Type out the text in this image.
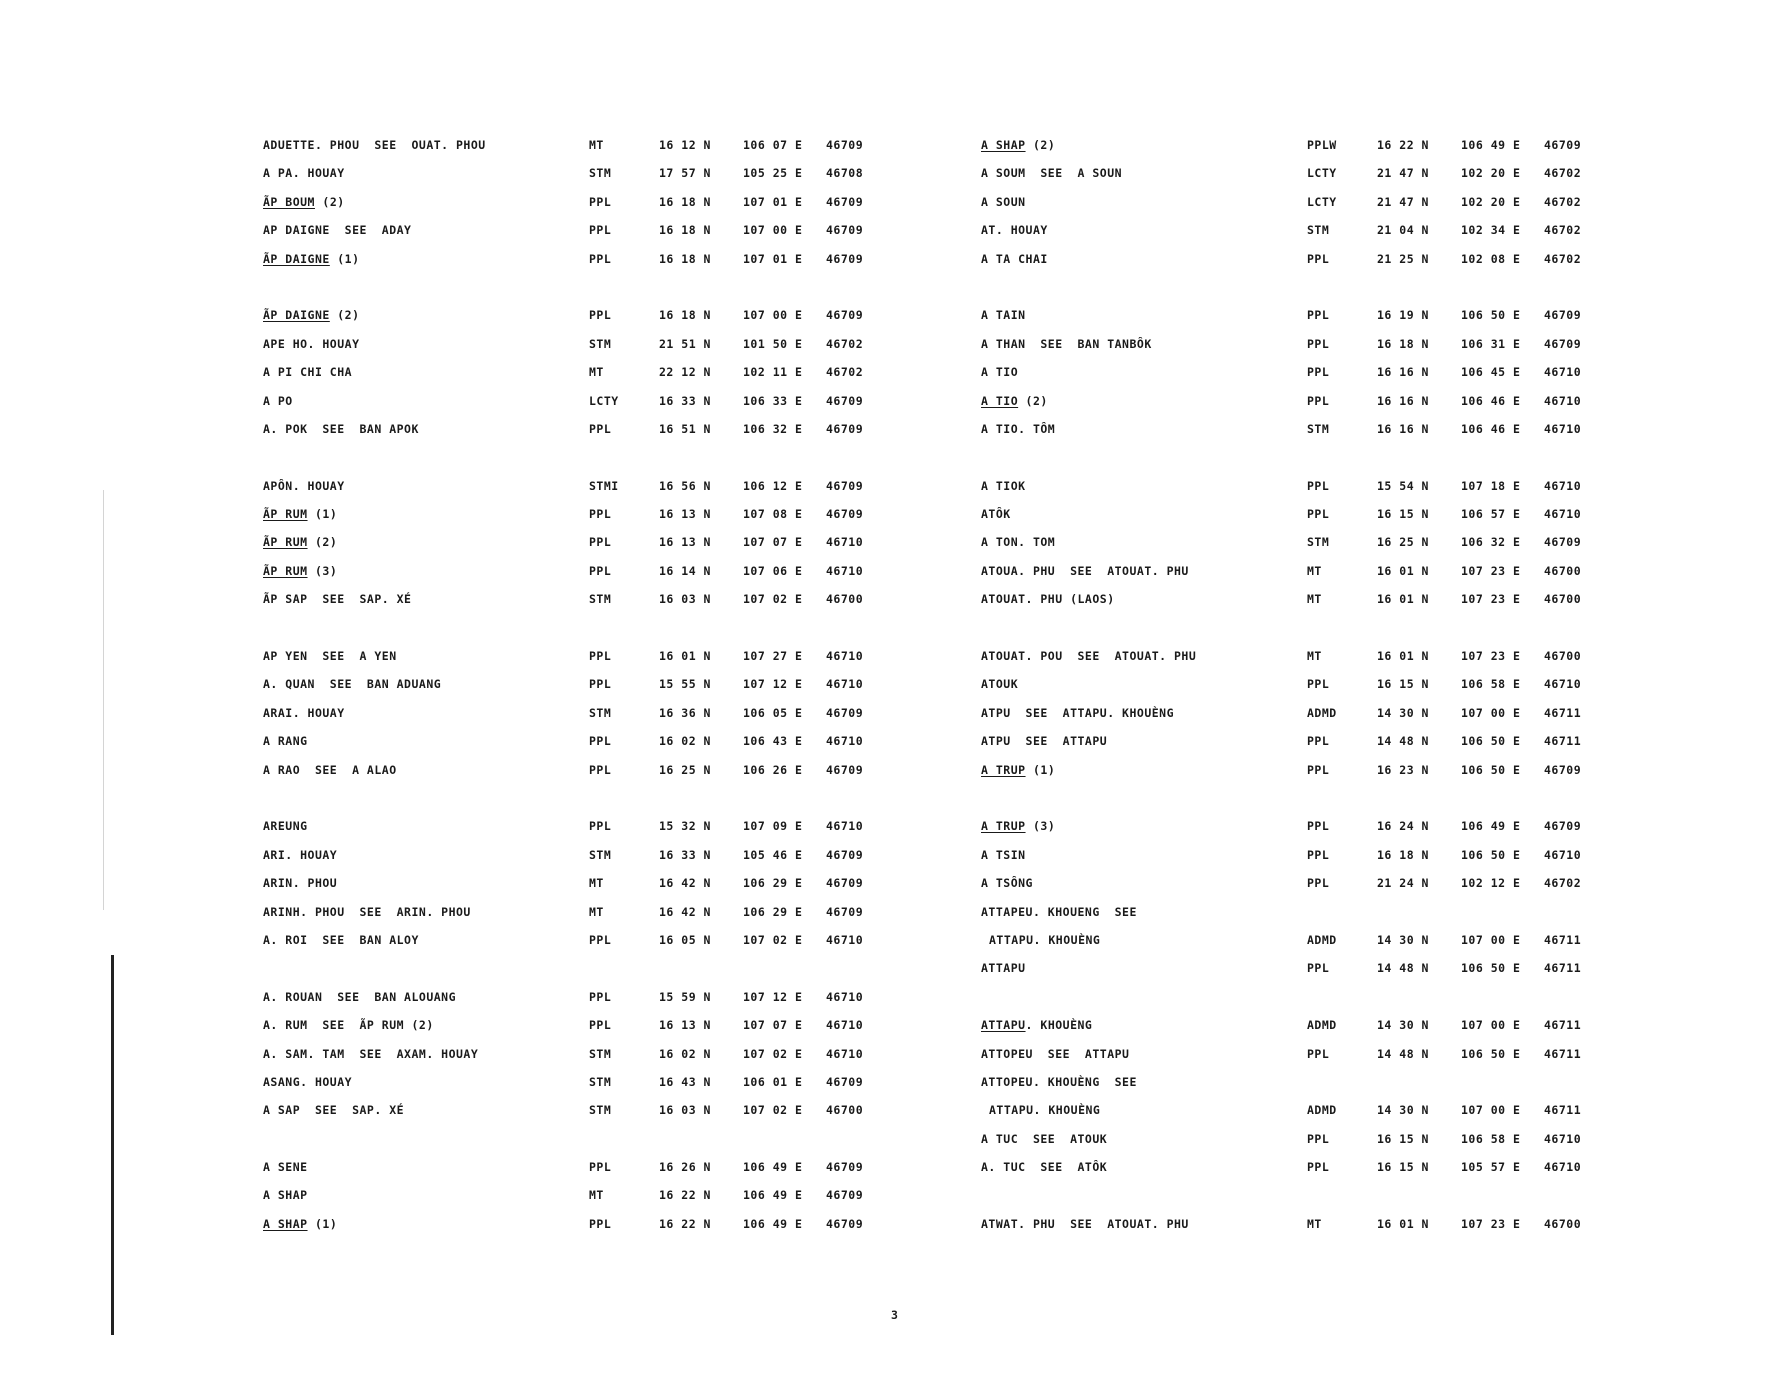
ADUETTE. PHOU  SEE  OUAT. PHOU	MT	16 12 N	106 07 E 46709
A PA. HOUAY	STM	17 57 N	105 25 E 46708
ÃP BOUM (2)	PPL	16 18 N	107 01 E 46709
AP DAIGNE  SEE  ADAY	PPL	16 18 N	107 00 E 46709
ÃP DAIGNE (1)	PPL	16 18 N	107 01 E 46709
ÃP DAIGNE (2)	PPL	16 18 N	107 00 E 46709
APE HO. HOUAY	STM	21 51 N	101 50 E 46702
A PI CHI CHA	MT	22 12 N	102 11 E 46702
A PO	LCTY	16 33 N	106 33 E 46709
A. POK  SEE  BAN APOK	PPL	16 51 N	106 32 E 46709
APÔN. HOUAY	STMI	16 56 N	106 12 E 46709
ÃP RUM (1)	PPL	16 13 N	107 08 E 46709
ÃP RUM (2)	PPL	16 13 N	107 07 E 46710
ÃP RUM (3)	PPL	16 14 N	107 06 E 46710
ÃP SAP  SEE  SAP. XÉ	STM	16 03 N	107 02 E 46700
AP YEN  SEE  A YEN	PPL	16 01 N	107 27 E 46710
A. QUAN  SEE  BAN ADUANG	PPL	15 55 N	107 12 E 46710
ARAI. HOUAY	STM	16 36 N	106 05 E 46709
A RANG	PPL	16 02 N	106 43 E 46710
A RAO  SEE  A ALAO	PPL	16 25 N	106 26 E 46709
AREUNG	PPL	15 32 N	107 09 E 46710
ARI. HOUAY	STM	16 33 N	105 46 E 46709
ARIN. PHOU	MT	16 42 N	106 29 E 46709
ARINH. PHOU  SEE  ARIN. PHOU	MT	16 42 N	106 29 E 46709
A. ROI  SEE  BAN ALOY	PPL	16 05 N	107 02 E 46710
A. ROUAN  SEE  BAN ALOUANG	PPL	15 59 N	107 12 E 46710
A. RUM  SEE  ÃP RUM (2)	PPL	16 13 N	107 07 E 46710
A. SAM. TAM  SEE  AXAM. HOUAY	STM	16 02 N	107 02 E 46710
ASANG. HOUAY	STM	16 43 N	106 01 E 46709
A SAP  SEE  SAP. XÉ	STM	16 03 N	107 02 E 46700
A SENE	PPL	16 26 N	106 49 E 46709
A SHAP	MT	16 22 N	106 49 E 46709
A SHAP (1)	PPL	16 22 N	106 49 E 46709
A SHAP (2)	PPLW	16 22 N	106 49 E 46709
A SOUM  SEE  A SOUN	LCTY	21 47 N	102 20 E 46702
A SOUN	LCTY	21 47 N	102 20 E 46702
AT. HOUAY	STM	21 04 N	102 34 E 46702
A TA CHAI	PPL	21 25 N	102 08 E 46702
A TAIN	PPL	16 19 N	106 50 E 46709
A THAN  SEE  BAN TANBÔK	PPL	16 18 N	106 31 E 46709
A TIO	PPL	16 16 N	106 45 E 46710
A TIO (2)	PPL	16 16 N	106 46 E 46710
A TIO. TÔM	STM	16 16 N	106 46 E 46710
A TIOK	PPL	15 54 N	107 18 E 46710
ATÔK	PPL	16 15 N	106 57 E 46710
A TON. TOM	STM	16 25 N	106 32 E 46709
ATOUA. PHU  SEE  ATOUAT. PHU	MT	16 01 N	107 23 E 46700
ATOUAT. PHU (LAOS)	MT	16 01 N	107 23 E 46700
ATOUAT. POU  SEE  ATOUAT. PHU	MT	16 01 N	107 23 E 46700
ATOUK	PPL	16 15 N	106 58 E 46710
ATPU  SEE  ATTAPU. KHOUÈNG	ADMD	14 30 N	107 00 E 46711
ATPU  SEE  ATTAPU	PPL	14 48 N	106 50 E 46711
A TRUP (1)	PPL	16 23 N	106 50 E 46709
A TRUP (3)	PPL	16 24 N	106 49 E 46709
A TSIN	PPL	16 18 N	106 50 E 46710
A TSÔNG	PPL	21 24 N	102 12 E 46702
ATTAPEU. KHOUENG  SEE
ATTAPU. KHOUÈNG	ADMD	14 30 N	107 00 E 46711
ATTAPU	PPL	14 48 N	106 50 E 46711
ATTAPU. KHOUÈNG	ADMD	14 30 N	107 00 E 46711
ATTOPEU  SEE  ATTAPU	PPL	14 48 N	106 50 E 46711
ATTOPEU. KHOUÈNG  SEE
ATTAPU. KHOUÈNG	ADMD	14 30 N	107 00 E 46711
A TUC  SEE  ATOUK	PPL	16 15 N	106 58 E 46710
A. TUC  SEE  ATÔK	PPL	16 15 N	105 57 E 46710
ATWAT. PHU  SEE  ATOUAT. PHU	MT	16 01 N	107 23 E 46700
3
